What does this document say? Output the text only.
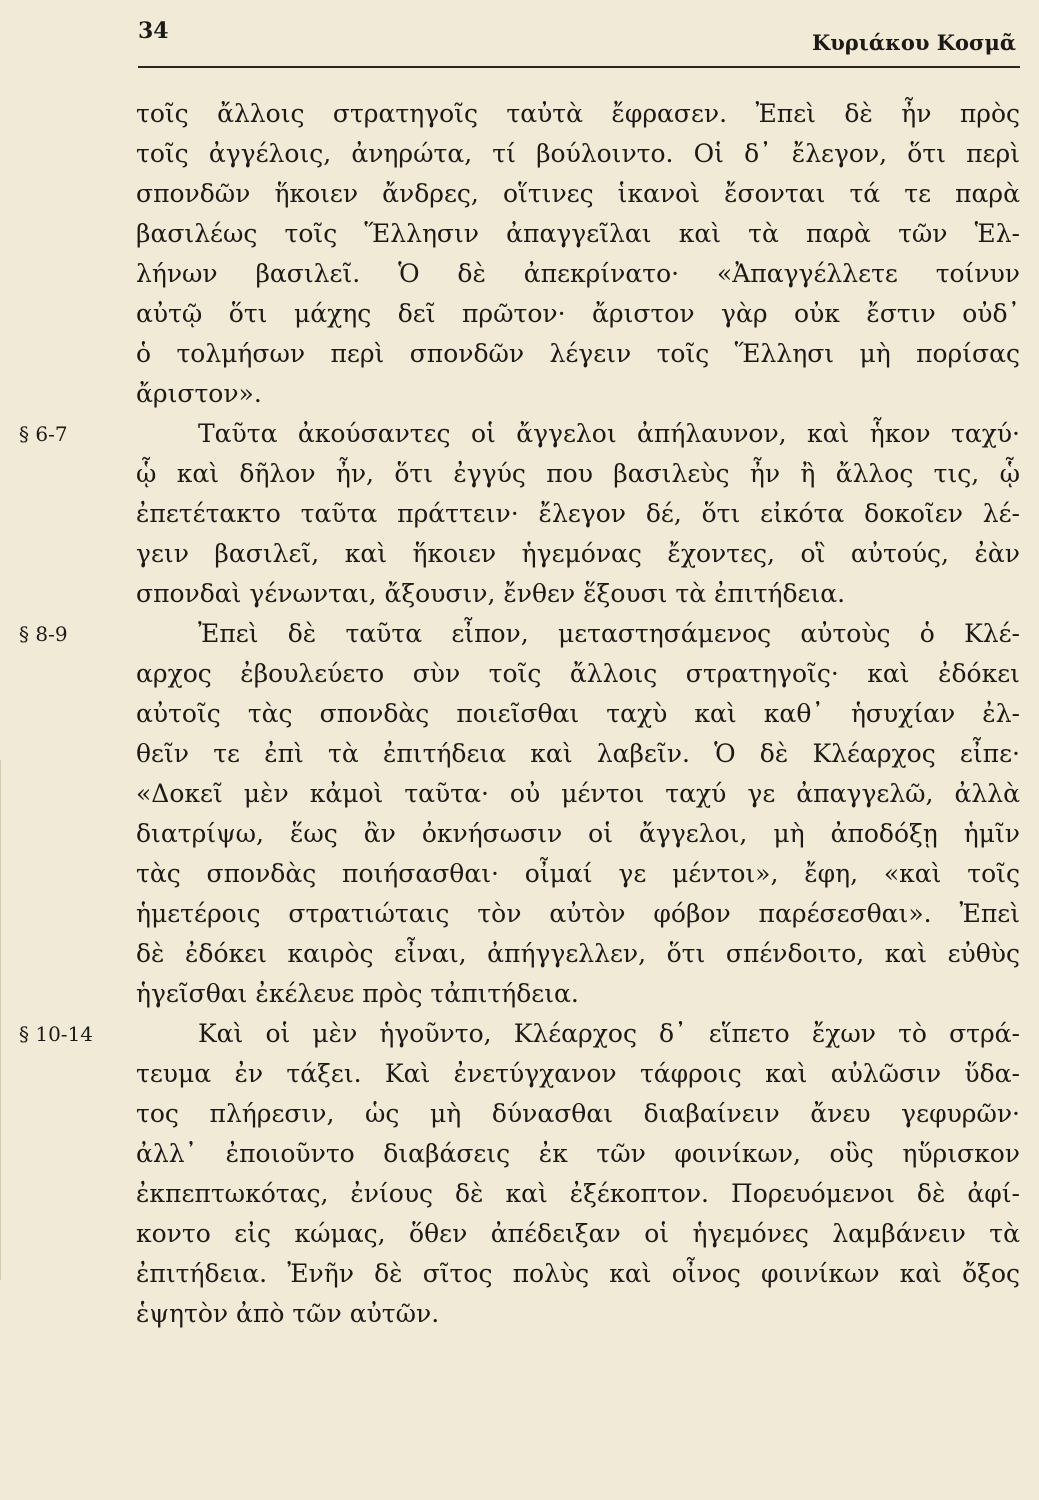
34	Κυριάκου Κοσμᾶ
τοῖς ἄλλοις στρατηγοῖς ταὐτὰ ἔφρασεν. Ἐπεὶ δὲ ἦν πρὸς
τοῖς ἀγγέλοις, ἀνηρώτα, τί βούλοιντο. Οἱ δ᾽ ἔλεγον, ὅτι περὶ
σπονδῶν ἥκοιεν ἄνδρες, οἵτινες ἱκανοὶ ἔσονται τά τε παρὰ
βασιλέως τοῖς Ἕλλησιν ἀπαγγεῖλαι καὶ τὰ παρὰ τῶν Ἑλ-
λήνων βασιλεῖ. Ὁ δὲ ἀπεκρίνατο· «Ἀπαγγέλλετε τοίνυν
αὐτῷ ὅτι μάχης δεῖ πρῶτον· ἄριστον γὰρ οὐκ ἔστιν οὐδ᾽
ὁ τολμήσων περὶ σπονδῶν λέγειν τοῖς Ἕλλησι μὴ πορίσας
ἄριστον».
§ 6-7	Ταῦτα ἀκούσαντες οἱ ἄγγελοι ἀπήλαυνον, καὶ ἧκον ταχύ·
ᾧ καὶ δῆλον ἦν, ὅτι ἐγγύς που βασιλεὺς ἦν ἢ ἄλλος τις, ᾧ
ἐπετέτακτο ταῦτα πράττειν· ἔλεγον δέ, ὅτι εἰκότα δοκοῖεν λέ-
γειν βασιλεῖ, καὶ ἥκοιεν ἡγεμόνας ἔχοντες, οἳ αὐτούς, ἐὰν
σπονδαὶ γένωνται, ἄξουσιν, ἔνθεν ἕξουσι τὰ ἐπιτήδεια.
§ 8-9	Ἐπεὶ δὲ ταῦτα εἶπον, μεταστησάμενος αὐτοὺς ὁ Κλέ-
αρχος ἐβουλεύετο σὺν τοῖς ἄλλοις στρατηγοῖς· καὶ ἐδόκει
αὐτοῖς τὰς σπονδὰς ποιεῖσθαι ταχὺ καὶ καθ᾽ ἡσυχίαν ἐλ-
θεῖν τε ἐπὶ τὰ ἐπιτήδεια καὶ λαβεῖν. Ὁ δὲ Κλέαρχος εἶπε·
«Δοκεῖ μὲν κἀμοὶ ταῦτα· οὐ μέντοι ταχύ γε ἀπαγγελῶ, ἀλλὰ
διατρίψω, ἕως ἂν ὀκνήσωσιν οἱ ἄγγελοι, μὴ ἀποδόξῃ ἡμῖν
τὰς σπονδὰς ποιήσασθαι· οἶμαί γε μέντοι», ἔφη, «καὶ τοῖς
ἡμετέροις στρατιώταις τὸν αὐτὸν φόβον παρέσεσθαι». Ἐπεὶ
δὲ ἐδόκει καιρὸς εἶναι, ἀπήγγελλεν, ὅτι σπένδοιτο, καὶ εὐθὺς
ἡγεῖσθαι ἐκέλευε πρὸς τἀπιτήδεια.
§ 10-14	Καὶ οἱ μὲν ἡγοῦντο, Κλέαρχος δ᾽ εἵπετο ἔχων τὸ στρά-
τευμα ἐν τάξει. Καὶ ἐνετύγχανον τάφροις καὶ αὐλῶσιν ὕδα-
τος πλήρεσιν, ὡς μὴ δύνασθαι διαβαίνειν ἄνευ γεφυρῶν·
ἀλλ᾽ ἐποιοῦντο διαβάσεις ἐκ τῶν φοινίκων, οὓς ηὕρισκον
ἐκπεπτωκότας, ἐνίους δὲ καὶ ἐξέκοπτον. Πορευόμενοι δὲ ἀφί-
κοντο εἰς κώμας, ὅθεν ἀπέδειξαν οἱ ἡγεμόνες λαμβάνειν τὰ
ἐπιτήδεια. Ἐνῆν δὲ σῖτος πολὺς καὶ οἶνος φοινίκων καὶ ὄξος
ἑψητὸν ἀπὸ τῶν αὐτῶν.
